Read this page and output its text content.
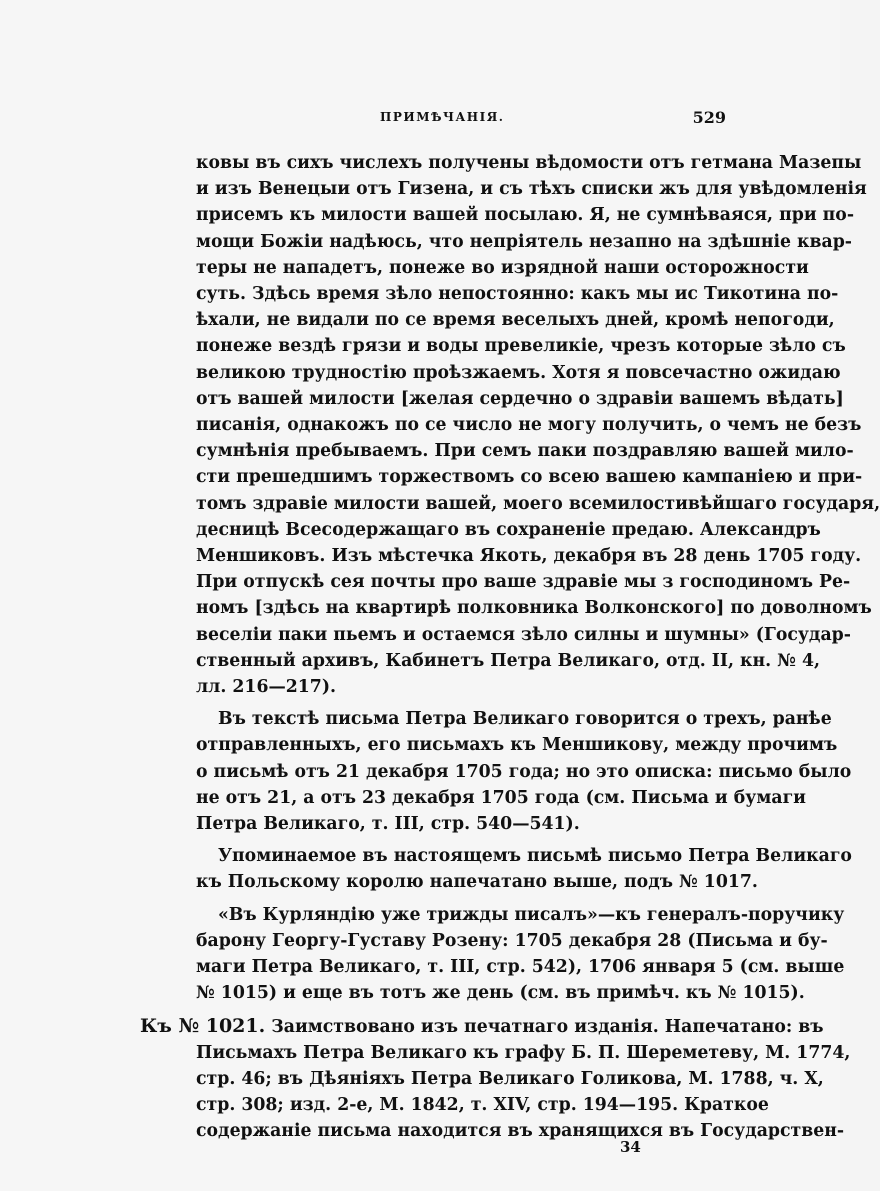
ПРИМѢЧАНІЯ.	529
ковы въ сихъ числехъ получены вѣдомости отъ гетмана Мазепы
и изъ Венецыи отъ Гизена, и съ тѣхъ списки жъ для увѣдомленія
присемъ къ милости вашей посылаю. Я, не сумнѣваяся, при по-
мощи Божіи надѣюсь, что непріятель незапно на здѣшніе квар-
теры не нападетъ, понеже во изрядной наши осторожности
суть. Здѣсь время зѣло непостоянно: какъ мы ис Тикотина по-
ѣхали, не видали по се время веселыхъ дней, кромѣ непогоди,
понеже вездѣ грязи и воды превеликіе, чрезъ которые зѣло съ
великою трудностію проѣзжаемъ. Хотя я повсечастно ожидаю
отъ вашей милости [желая сердечно о здравіи вашемъ вѣдать]
писанія, однакожъ по се число не могу получить, о чемъ не безъ
сумнѣнія пребываемъ. При семъ паки поздравляю вашей мило-
сти прешедшимъ торжествомъ со всею вашею кампаніею и при-
томъ здравіе милости вашей, моего всемилостивѣйшаго государя,
десницѣ Всесодержащаго въ сохраненіе предаю. Александръ
Меншиковъ. Изъ мѣстечка Якоть, декабря въ 28 день 1705 году.
При отпускѣ сея почты про ваше здравіе мы з господиномъ Ре-
номъ [здѣсь на квартирѣ полковника Волконского] по доволномъ
веселіи паки пьемъ и остаемся зѣло силны и шумны» (Государ-
ственный архивъ, Кабинетъ Петра Великаго, отд. II, кн. № 4,
лл. 216—217).
Въ текстѣ письма Петра Великаго говорится о трехъ, ранѣе
отправленныхъ, его письмахъ къ Меншикову, между прочимъ
о письмѣ отъ 21 декабря 1705 года; но это описка: письмо было
не отъ 21, а отъ 23 декабря 1705 года (см. Письма и бумаги
Петра Великаго, т. III, стр. 540—541).
Упоминаемое въ настоящемъ письмѣ письмо Петра Великаго
къ Польскому королю напечатано выше, подъ № 1017.
«Въ Курляндію уже трижды писалъ»—къ генералъ-поручику
барону Георгу-Густаву Розену: 1705 декабря 28 (Письма и бу-
маги Петра Великаго, т. III, стр. 542), 1706 января 5 (см. выше
№ 1015) и еще въ тотъ же день (см. въ примѣч. къ № 1015).
Къ № 1021. Заимствовано изъ печатнаго изданія. Напечатано: въ
Письмахъ Петра Великаго къ графу Б. П. Шереметеву, М. 1774,
стр. 46; въ Дѣяніяхъ Петра Великаго Голикова, М. 1788, ч. X,
стр. 308; изд. 2-е, М. 1842, т. XIV, стр. 194—195. Краткое
содержаніе письма находится въ хранящихся въ Государствен-
34
